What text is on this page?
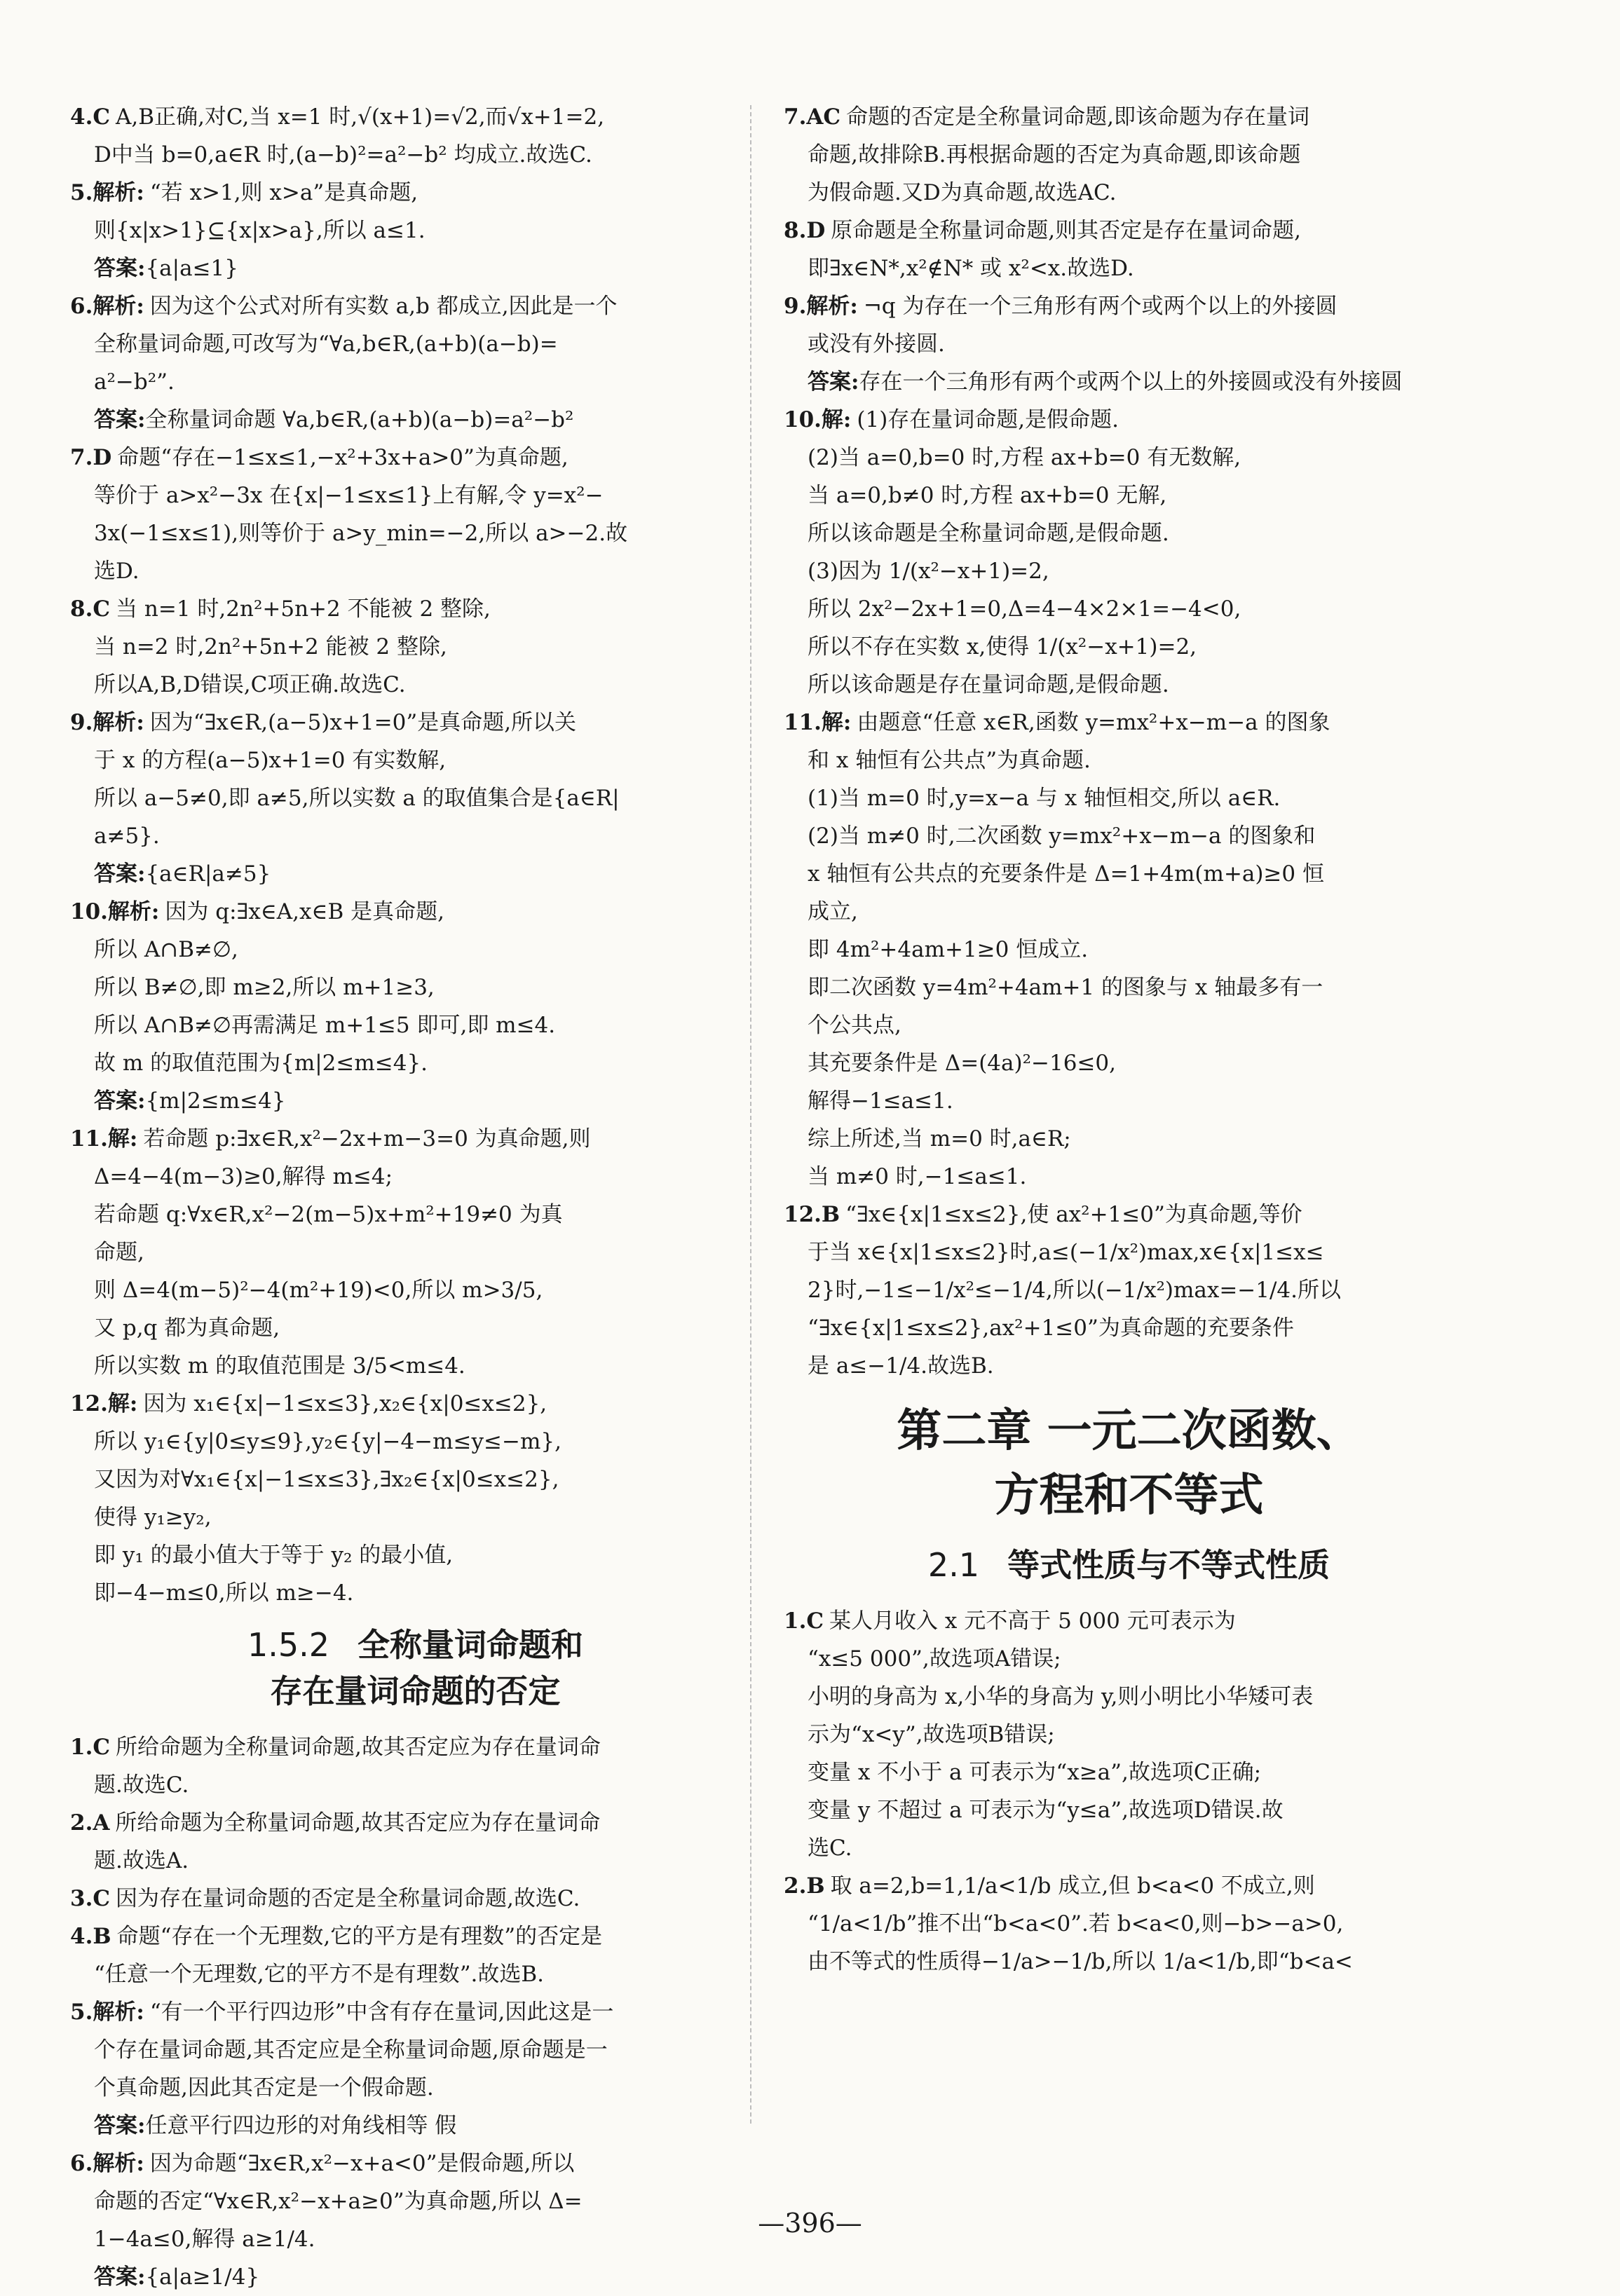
4.C A,B正确,对C,当 x=1 时,√(x+1)=√2,而√x+1=2,
D中当 b=0,a∈R 时,(a−b)²=a²−b² 均成立.故选C.
5.解析: “若 x>1,则 x>a”是真命题,
则{x|x>1}⊆{x|x>a},所以 a≤1.
答案:{a|a≤1}
6.解析: 因为这个公式对所有实数 a,b 都成立,因此是一个
全称量词命题,可改写为“∀a,b∈R,(a+b)(a−b)=
a²−b²”.
答案:全称量词命题 ∀a,b∈R,(a+b)(a−b)=a²−b²
7.D 命题“存在−1≤x≤1,−x²+3x+a>0”为真命题,
等价于 a>x²−3x 在{x|−1≤x≤1}上有解,令 y=x²−
3x(−1≤x≤1),则等价于 a>y_min=−2,所以 a>−2.故
选D.
8.C 当 n=1 时,2n²+5n+2 不能被 2 整除,
当 n=2 时,2n²+5n+2 能被 2 整除,
所以A,B,D错误,C项正确.故选C.
9.解析: 因为“∃x∈R,(a−5)x+1=0”是真命题,所以关
于 x 的方程(a−5)x+1=0 有实数解,
所以 a−5≠0,即 a≠5,所以实数 a 的取值集合是{a∈R|
a≠5}.
答案:{a∈R|a≠5}
10.解析: 因为 q:∃x∈A,x∈B 是真命题,
所以 A∩B≠∅,
所以 B≠∅,即 m≥2,所以 m+1≥3,
所以 A∩B≠∅再需满足 m+1≤5 即可,即 m≤4.
故 m 的取值范围为{m|2≤m≤4}.
答案:{m|2≤m≤4}
11.解: 若命题 p:∃x∈R,x²−2x+m−3=0 为真命题,则
Δ=4−4(m−3)≥0,解得 m≤4;
若命题 q:∀x∈R,x²−2(m−5)x+m²+19≠0 为真
命题,
则 Δ=4(m−5)²−4(m²+19)<0,所以 m>3/5,
又 p,q 都为真命题,
所以实数 m 的取值范围是 3/5<m≤4.
12.解: 因为 x₁∈{x|−1≤x≤3},x₂∈{x|0≤x≤2},
所以 y₁∈{y|0≤y≤9},y₂∈{y|−4−m≤y≤−m},
又因为对∀x₁∈{x|−1≤x≤3},∃x₂∈{x|0≤x≤2},
使得 y₁≥y₂,
即 y₁ 的最小值大于等于 y₂ 的最小值,
即−4−m≤0,所以 m≥−4.
1.5.2 全称量词命题和
存在量词命题的否定
1.C 所给命题为全称量词命题,故其否定应为存在量词命
题.故选C.
2.A 所给命题为全称量词命题,故其否定应为存在量词命
题.故选A.
3.C 因为存在量词命题的否定是全称量词命题,故选C.
4.B 命题“存在一个无理数,它的平方是有理数”的否定是
“任意一个无理数,它的平方不是有理数”.故选B.
5.解析: “有一个平行四边形”中含有存在量词,因此这是一
个存在量词命题,其否定应是全称量词命题,原命题是一
个真命题,因此其否定是一个假命题.
答案:任意平行四边形的对角线相等 假
6.解析: 因为命题“∃x∈R,x²−x+a<0”是假命题,所以
命题的否定“∀x∈R,x²−x+a≥0”为真命题,所以 Δ=
1−4a≤0,解得 a≥1/4.
答案:{a|a≥1/4}
7.AC 命题的否定是全称量词命题,即该命题为存在量词
命题,故排除B.再根据命题的否定为真命题,即该命题
为假命题.又D为真命题,故选AC.
8.D 原命题是全称量词命题,则其否定是存在量词命题,
即∃x∈N*,x²∉N* 或 x²<x.故选D.
9.解析: ¬q 为存在一个三角形有两个或两个以上的外接圆
或没有外接圆.
答案:存在一个三角形有两个或两个以上的外接圆或没有外接圆
10.解: (1)存在量词命题,是假命题.
(2)当 a=0,b=0 时,方程 ax+b=0 有无数解,
当 a=0,b≠0 时,方程 ax+b=0 无解,
所以该命题是全称量词命题,是假命题.
(3)因为 1/(x²−x+1)=2,
所以 2x²−2x+1=0,Δ=4−4×2×1=−4<0,
所以不存在实数 x,使得 1/(x²−x+1)=2,
所以该命题是存在量词命题,是假命题.
11.解: 由题意“任意 x∈R,函数 y=mx²+x−m−a 的图象
和 x 轴恒有公共点”为真命题.
(1)当 m=0 时,y=x−a 与 x 轴恒相交,所以 a∈R.
(2)当 m≠0 时,二次函数 y=mx²+x−m−a 的图象和
x 轴恒有公共点的充要条件是 Δ=1+4m(m+a)≥0 恒
成立,
即 4m²+4am+1≥0 恒成立.
即二次函数 y=4m²+4am+1 的图象与 x 轴最多有一
个公共点,
其充要条件是 Δ=(4a)²−16≤0,
解得−1≤a≤1.
综上所述,当 m=0 时,a∈R;
当 m≠0 时,−1≤a≤1.
12.B “∃x∈{x|1≤x≤2},使 ax²+1≤0”为真命题,等价
于当 x∈{x|1≤x≤2}时,a≤(−1/x²)max,x∈{x|1≤x≤
2}时,−1≤−1/x²≤−1/4,所以(−1/x²)max=−1/4.所以
“∃x∈{x|1≤x≤2},ax²+1≤0”为真命题的充要条件
是 a≤−1/4.故选B.
第二章 一元二次函数、
方程和不等式
2.1 等式性质与不等式性质
1.C 某人月收入 x 元不高于 5 000 元可表示为
“x≤5 000”,故选项A错误;
小明的身高为 x,小华的身高为 y,则小明比小华矮可表
示为“x<y”,故选项B错误;
变量 x 不小于 a 可表示为“x≥a”,故选项C正确;
变量 y 不超过 a 可表示为“y≤a”,故选项D错误.故
选C.
2.B 取 a=2,b=1,1/a<1/b 成立,但 b<a<0 不成立,则
“1/a<1/b”推不出“b<a<0”.若 b<a<0,则−b>−a>0,
由不等式的性质得−1/a>−1/b,所以 1/a<1/b,即“b<a<
—396—
